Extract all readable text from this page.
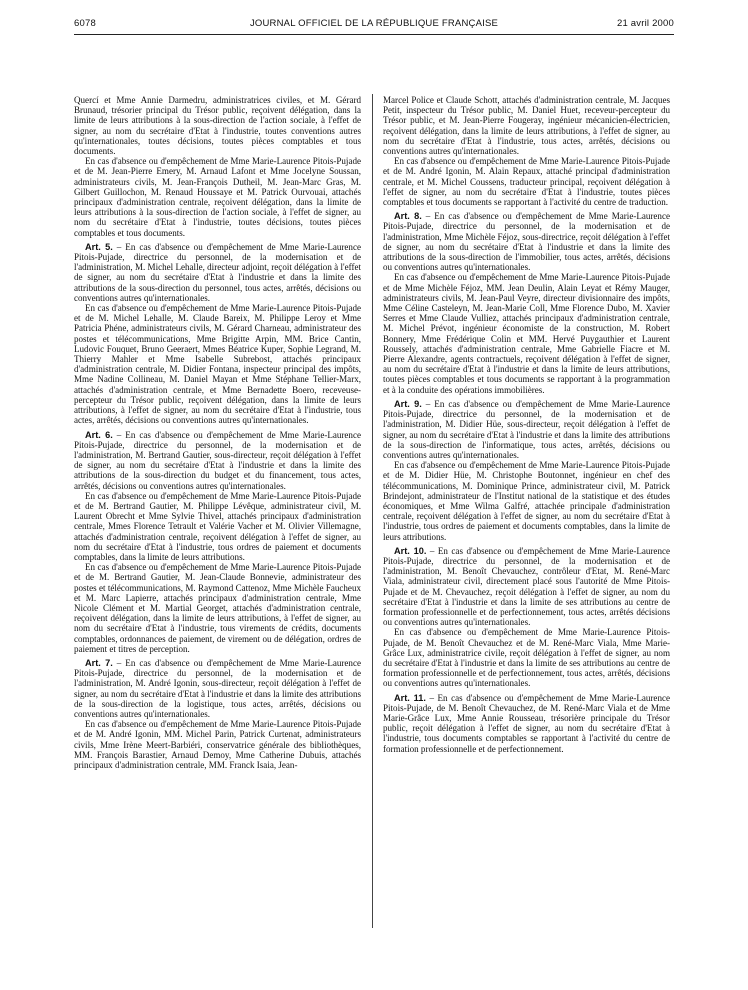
6078	JOURNAL OFFICIEL DE LA RÉPUBLIQUE FRANÇAISE	21 avril 2000

Quercí et Mme Annie Darmedru, administratrices civiles, et M. Gérard Brunaud, trésorier principal du Trésor public, reçoivent délégation, dans la limite de leurs attributions à la sous-direction de l'action sociale, à l'effet de signer, au nom du secrétaire d'Etat à l'industrie, toutes conventions autres qu'internationales, toutes décisions, toutes pièces comptables et tous documents.

En cas d'absence ou d'empêchement de Mme Marie-Laurence Pitois-Pujade et de M. Jean-Pierre Emery, M. Arnaud Lafont et Mme Jocelyne Soussan, administrateurs civils, M. Jean-François Dutheil, M. Jean-Marc Gras, M. Gilbert Guillochon, M. Renaud Houssaye et M. Patrick Ourvouai, attachés principaux d'administration centrale, reçoivent délégation, dans la limite de leurs attributions à la sous-direction de l'action sociale, à l'effet de signer, au nom du secrétaire d'Etat à l'industrie, toutes décisions, toutes pièces comptables et tous documents.

Art. 5. – En cas d'absence ou d'empêchement de Mme Marie-Laurence Pitois-Pujade, directrice du personnel, de la modernisation et de l'administration, M. Michel Lehalle, directeur adjoint, reçoit délégation à l'effet de signer, au nom du secrétaire d'Etat à l'industrie et dans la limite des attributions de la sous-direction du personnel, tous actes, arrêtés, décisions ou conventions autres qu'internationales.

En cas d'absence ou d'empêchement de Mme Marie-Laurence Pitois-Pujade et de M. Michel Lehalle, M. Claude Bareix, M. Philippe Leroy et Mme Patricia Phéne, administrateurs civils, M. Gérard Charneau, administrateur des postes et télécommunications, Mme Brigitte Arpin, MM. Brice Cantin, Ludovic Fouquet, Bruno Geeraert, Mmes Béatrice Kuper, Sophie Legrand, M. Thierry Mahler et Mme Isabelle Subrebost, attachés principaux d'administration centrale, M. Didier Fontana, inspecteur principal des impôts, Mme Nadine Collineau, M. Daniel Mayan et Mme Stéphane Tellier-Marx, attachés d'administration centrale, et Mme Bernadette Boero, receveuse-percepteur du Trésor public, reçoivent délégation, dans la limite de leurs attributions, à l'effet de signer, au nom du secrétaire d'Etat à l'industrie, tous actes, arrêtés, décisions ou conventions autres qu'internationales.

Art. 6. – En cas d'absence ou d'empêchement de Mme Marie-Laurence Pitois-Pujade, directrice du personnel, de la modernisation et de l'administration, M. Bertrand Gautier, sous-directeur, reçoit délégation à l'effet de signer, au nom du secrétaire d'Etat à l'industrie et dans la limite des attributions de la sous-direction du budget et du financement, tous actes, arrêtés, décisions ou conventions autres qu'internationales.

En cas d'absence ou d'empêchement de Mme Marie-Laurence Pitois-Pujade et de M. Bertrand Gautier, M. Philippe Lévêque, administrateur civil, M. Laurent Obrecht et Mme Sylvie Thivel, attachés principaux d'administration centrale, Mmes Florence Tetrault et Valérie Vacher et M. Olivier Villemagne, attachés d'administration centrale, reçoivent délégation à l'effet de signer, au nom du secrétaire d'Etat à l'industrie, tous ordres de paiement et documents comptables, dans la limite de leurs attributions.

En cas d'absence ou d'empêchement de Mme Marie-Laurence Pitois-Pujade et de M. Bertrand Gautier, M. Jean-Claude Bonnevie, administrateur des postes et télécommunications, M. Raymond Cattenoz, Mme Michèle Faucheux et M. Marc Lapierre, attachés principaux d'administration centrale, Mme Nicole Clément et M. Martial Georget, attachés d'administration centrale, reçoivent délégation, dans la limite de leurs attributions, à l'effet de signer, au nom du secrétaire d'Etat à l'industrie, tous virements de crédits, documents comptables, ordonnances de paiement, de virement ou de délégation, ordres de paiement et titres de perception.

Art. 7. – En cas d'absence ou d'empêchement de Mme Marie-Laurence Pitois-Pujade, directrice du personnel, de la modernisation et de l'administration, M. André Igonin, sous-directeur, reçoit délégation à l'effet de signer, au nom du secrétaire d'Etat à l'industrie et dans la limite des attributions de la sous-direction de la logistique, tous actes, arrêtés, décisions ou conventions autres qu'internationales.

En cas d'absence ou d'empêchement de Mme Marie-Laurence Pitois-Pujade et de M. André Igonin, MM. Michel Parin, Patrick Curtenat, administrateurs civils, Mme Irène Meert-Barbiéri, conservatrice générale des bibliothèques, MM. François Barastier, Arnaud Demoy, Mme Catherine Dubuis, attachés principaux d'administration centrale, MM. Franck Isaia, Jean-

Marcel Police et Claude Schott, attachés d'administration centrale, M. Jacques Petit, inspecteur du Trésor public, M. Daniel Huet, receveur-percepteur du Trésor public, et M. Jean-Pierre Fougeray, ingénieur mécanicien-électricien, reçoivent délégation, dans la limite de leurs attributions, à l'effet de signer, au nom du secrétaire d'Etat à l'industrie, tous actes, arrêtés, décisions ou conventions autres qu'internationales.

En cas d'absence ou d'empêchement de Mme Marie-Laurence Pitois-Pujade et de M. André Igonin, M. Alain Repaux, attaché principal d'administration centrale, et M. Michel Coussens, traducteur principal, reçoivent délégation à l'effet de signer, au nom du secrétaire d'Etat à l'industrie, toutes pièces comptables et tous documents se rapportant à l'activité du centre de traduction.

Art. 8. – En cas d'absence ou d'empêchement de Mme Marie-Laurence Pitois-Pujade, directrice du personnel, de la modernisation et de l'administration, Mme Michèle Féjoz, sous-directrice, reçoit délégation à l'effet de signer, au nom du secrétaire d'Etat à l'industrie et dans la limite des attributions de la sous-direction de l'immobilier, tous actes, arrêtés, décisions ou conventions autres qu'internationales.

En cas d'absence ou d'empêchement de Mme Marie-Laurence Pitois-Pujade et de Mme Michèle Féjoz, MM. Jean Deulin, Alain Leyat et Rémy Mauger, administrateurs civils, M. Jean-Paul Veyre, directeur divisionnaire des impôts, Mme Céline Casteleyn, M. Jean-Marie Coll, Mme Florence Dubo, M. Xavier Serres et Mme Claude Vulliez, attachés principaux d'administration centrale, M. Michel Prévot, ingénieur économiste de la construction, M. Robert Bonnery, Mme Frédérique Colin et MM. Hervé Puygauthier et Laurent Roussely, attachés d'administration centrale, Mme Gabrielle Fiacre et M. Pierre Alexandre, agents contractuels, reçoivent délégation à l'effet de signer, au nom du secrétaire d'Etat à l'industrie et dans la limite de leurs attributions, toutes pièces comptables et tous documents se rapportant à la programmation et à la conduite des opérations immobilières.

Art. 9. – En cas d'absence ou d'empêchement de Mme Marie-Laurence Pitois-Pujade, directrice du personnel, de la modernisation et de l'administration, M. Didier Hüe, sous-directeur, reçoit délégation à l'effet de signer, au nom du secrétaire d'Etat à l'industrie et dans la limite des attributions de la sous-direction de l'informatique, tous actes, arrêtés, décisions ou conventions autres qu'internationales.

En cas d'absence ou d'empêchement de Mme Marie-Laurence Pitois-Pujade et de M. Didier Hüe, M. Christophe Boutonnet, ingénieur en chef des télécommunications, M. Dominique Prince, administrateur civil, M. Patrick Brindejont, administrateur de l'Institut national de la statistique et des études économiques, et Mme Wilma Galfré, attachée principale d'administration centrale, reçoivent délégation à l'effet de signer, au nom du secrétaire d'Etat à l'industrie, tous ordres de paiement et documents comptables, dans la limite de leurs attributions.

Art. 10. – En cas d'absence ou d'empêchement de Mme Marie-Laurence Pitois-Pujade, directrice du personnel, de la modernisation et de l'administration, M. Benoît Chevauchez, contrôleur d'Etat, M. René-Marc Viala, administrateur civil, directement placé sous l'autorité de Mme Pitois-Pujade et de M. Chevauchez, reçoit délégation à l'effet de signer, au nom du secrétaire d'Etat à l'industrie et dans la limite de ses attributions au centre de formation professionnelle et de perfectionnement, tous actes, arrêtés décisions ou conventions autres qu'internationales.

En cas d'absence ou d'empêchement de Mme Marie-Laurence Pitois-Pujade, de M. Benoît Chevauchez et de M. René-Marc Viala, Mme Marie-Grâce Lux, administratrice civile, reçoit délégation à l'effet de signer, au nom du secrétaire d'Etat à l'industrie et dans la limite de ses attributions au centre de formation professionnelle et de perfectionnement, tous actes, arrêtés, décisions ou conventions autres qu'internationales.

Art. 11. – En cas d'absence ou d'empêchement de Mme Marie-Laurence Pitois-Pujade, de M. Benoît Chevauchez, de M. René-Marc Viala et de Mme Marie-Grâce Lux, Mme Annie Rousseau, trésorière principale du Trésor public, reçoit délégation à l'effet de signer, au nom du secrétaire d'Etat à l'industrie, tous documents comptables se rapportant à l'activité du centre de formation professionnelle et de perfectionnement.
